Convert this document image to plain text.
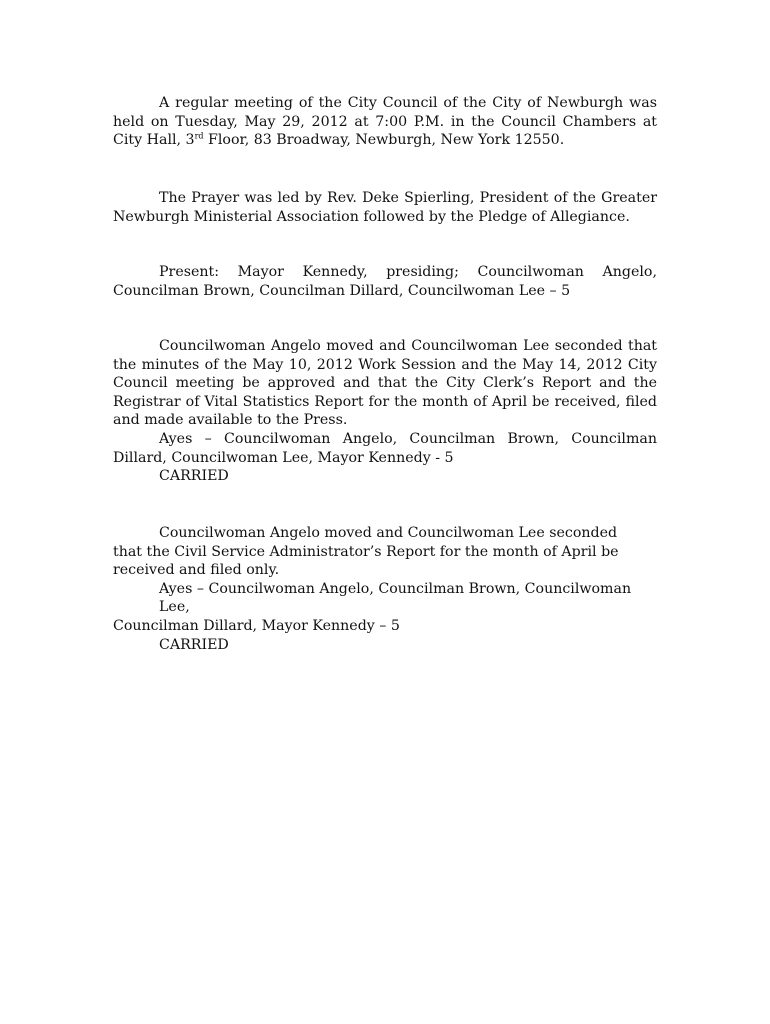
A regular meeting of the City Council of the City of Newburgh was held on Tuesday, May 29, 2012 at 7:00 P.M. in the Council Chambers at City Hall, 3rd Floor, 83 Broadway, Newburgh, New York 12550.

The Prayer was led by Rev. Deke Spierling, President of the Greater Newburgh Ministerial Association followed by the Pledge of Allegiance.

Present: Mayor Kennedy, presiding; Councilwoman Angelo,
Councilman Brown, Councilman Dillard, Councilwoman Lee – 5

Councilwoman Angelo moved and Councilwoman Lee seconded that the minutes of the May 10, 2012 Work Session and the May 14, 2012 City Council meeting be approved and that the City Clerk’s Report and the Registrar of Vital Statistics Report for the month of April be received, filed and made available to the Press.

Ayes – Councilwoman Angelo, Councilman Brown, Councilman
Dillard, Councilwoman Lee, Mayor Kennedy - 5
CARRIED

Councilwoman Angelo moved and Councilwoman Lee seconded that the Civil Service Administrator’s Report for the month of April be received and filed only.

Ayes – Councilwoman Angelo, Councilman Brown, Councilwoman Lee,
Councilman Dillard, Mayor Kennedy – 5
CARRIED
